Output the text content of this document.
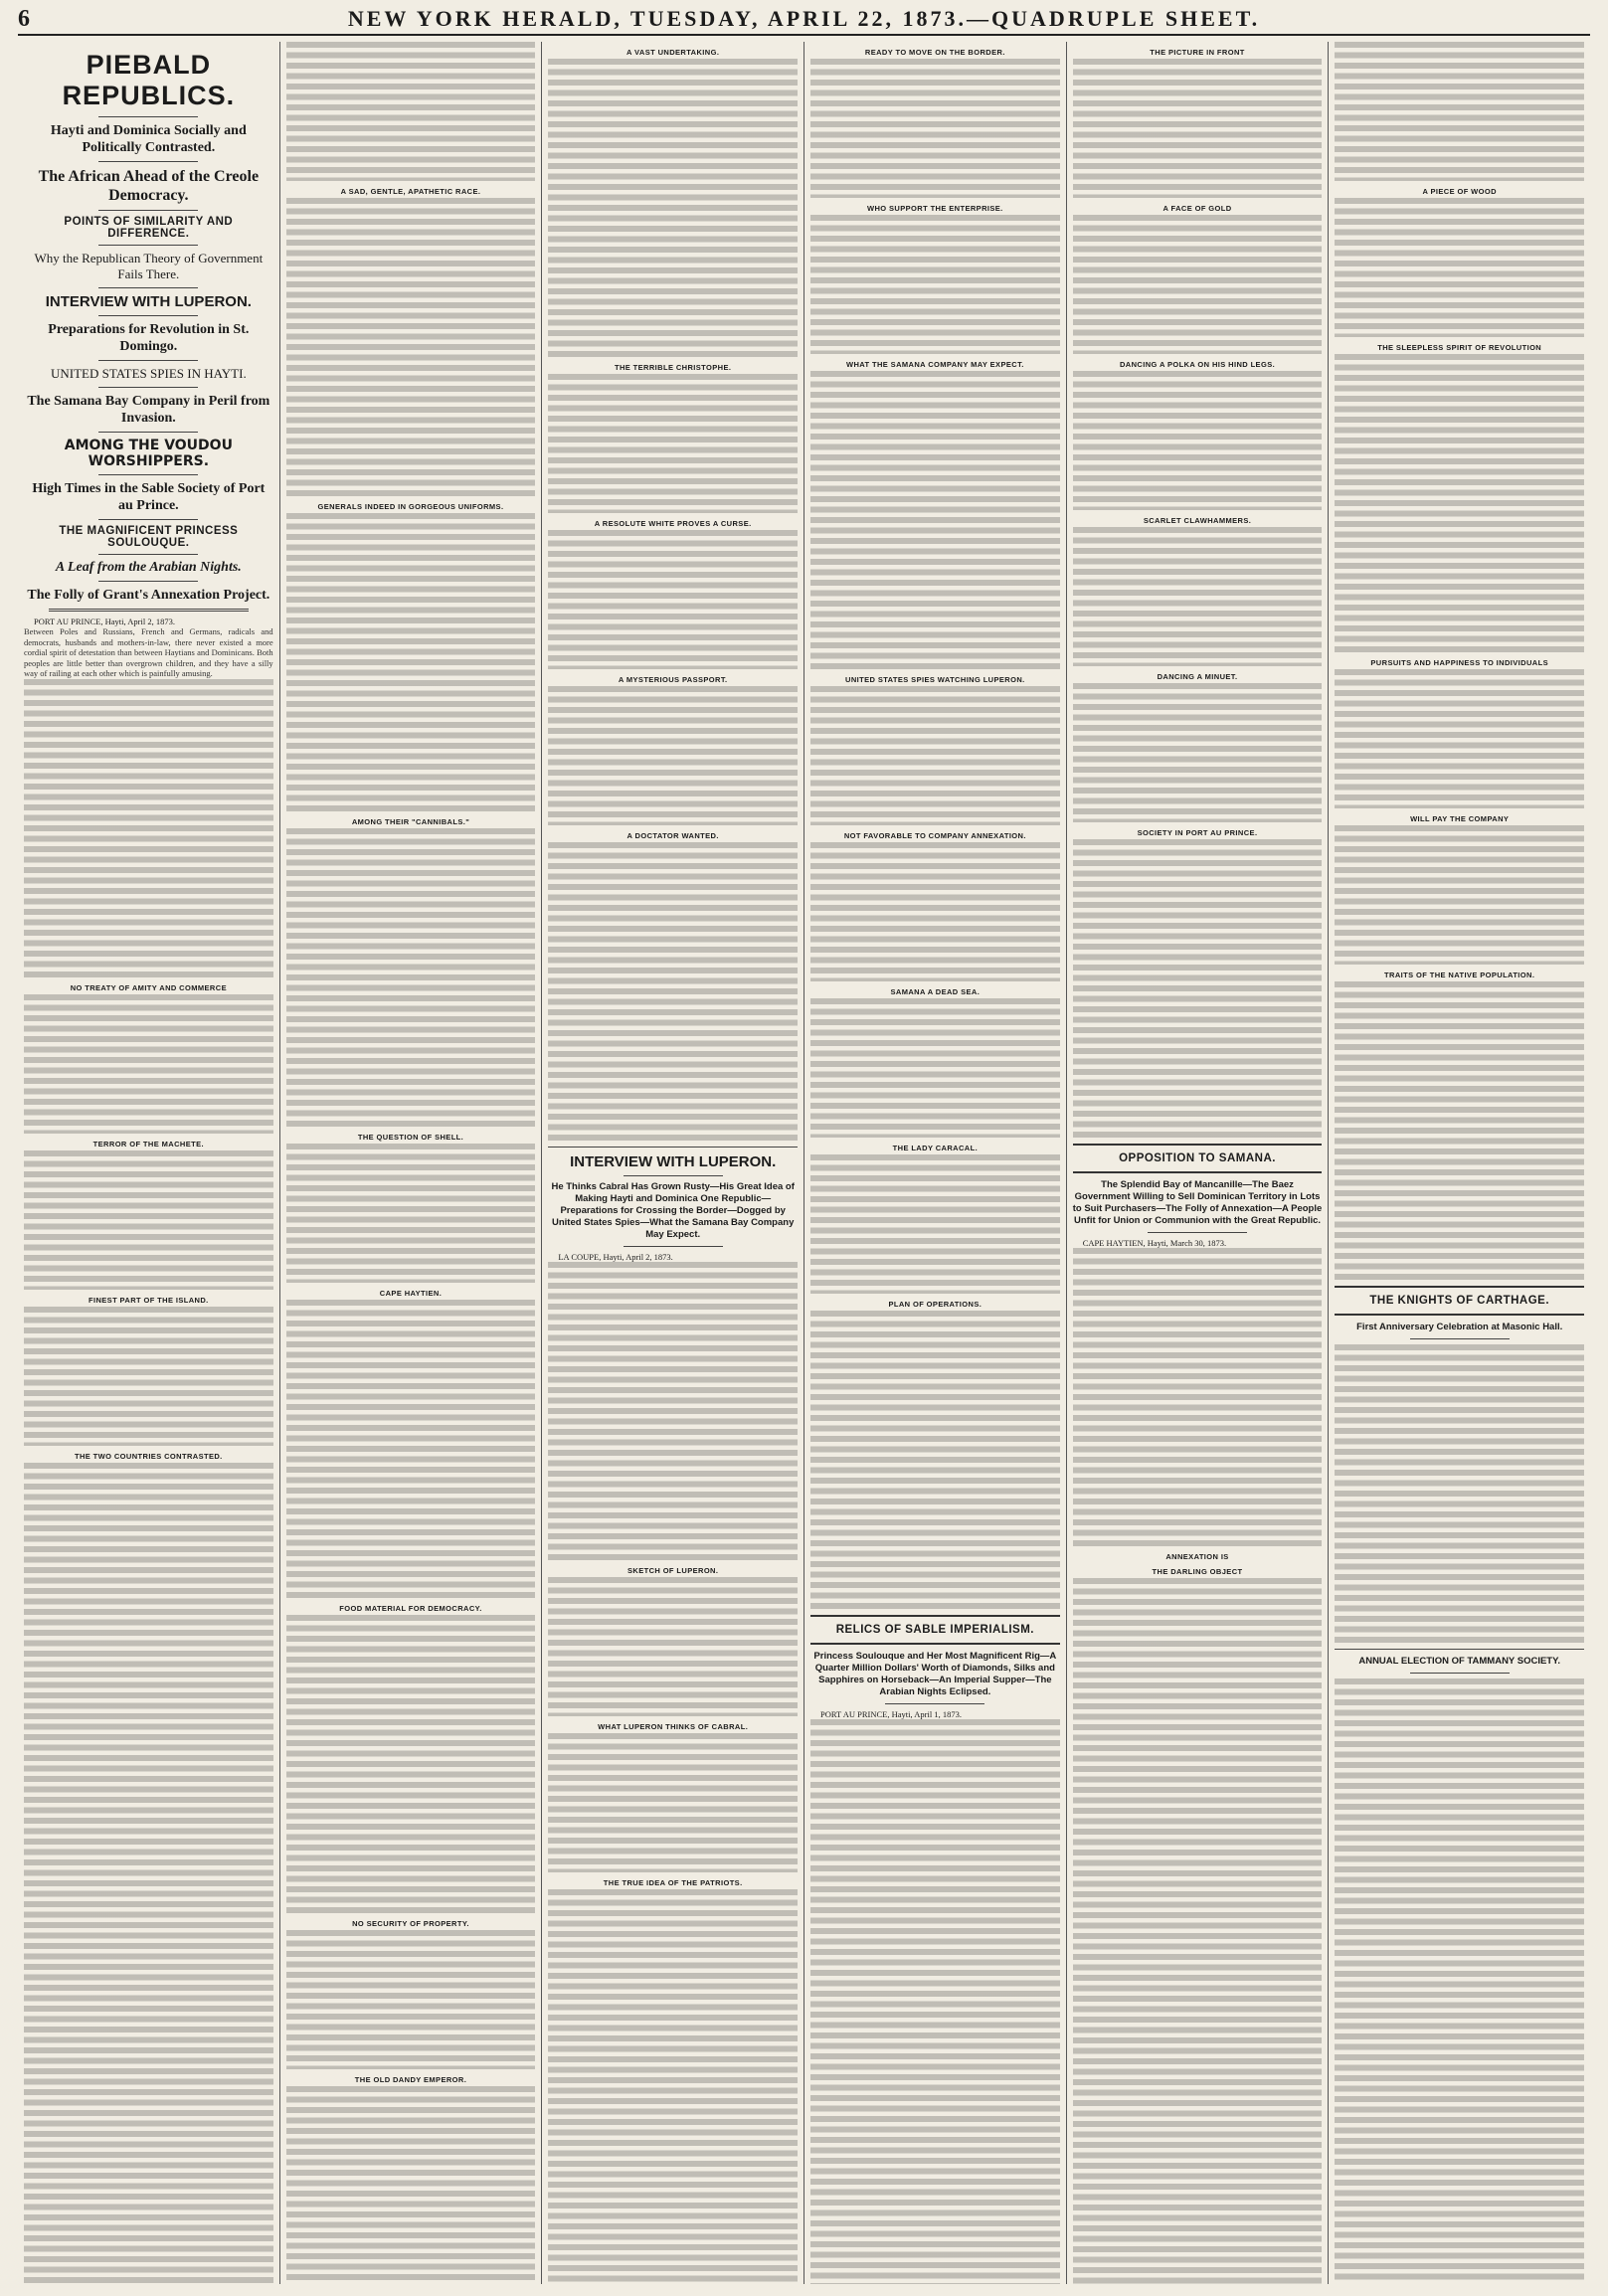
6	NEW YORK HERALD, TUESDAY, APRIL 22, 1873.—QUADRUPLE SHEET.
PIEBALD REPUBLICS.
Hayti and Dominica Socially and Politically Contrasted.
The African Ahead of the Creole Democracy.
POINTS OF SIMILARITY AND DIFFERENCE.
Why the Republican Theory of Government Fails There.
INTERVIEW WITH LUPERON.
Preparations for Revolution in St. Domingo.
UNITED STATES SPIES IN HAYTI.
The Samana Bay Company in Peril from Invasion.
AMONG THE VOUDOU WORSHIPPERS.
High Times in the Sable Society of Port au Prince.
THE MAGNIFICENT PRINCESS SOULOUQUE.
A Leaf from the Arabian Nights.
The Folly of Grant's Annexation Project.
PORT AU PRINCE, Hayti, April 2, 1873.
Between Poles and Russians, French and Germans, radicals and democrats, husbands and mothers-in-law, there never existed a more cordial spirit of detestation than between Haytians and Dominicans. Both peoples are little better than overgrown children, and they have a silly way of railing at each other which is painfully amusing.
NO TREATY OF AMITY AND COMMERCE
TERROR OF THE MACHETE.
FINEST PART OF THE ISLAND.
THE TWO COUNTRIES CONTRASTED.
A SAD, GENTLE, APATHETIC RACE.
GENERALS INDEED IN GORGEOUS UNIFORMS.
AMONG THEIR "CANNIBALS."
THE QUESTION OF SHELL.
CAPE HAYTIEN.
FOOD MATERIAL FOR DEMOCRACY.
NO SECURITY OF PROPERTY.
THE OLD DANDY EMPEROR.
A VAST UNDERTAKING.
THE TERRIBLE CHRISTOPHE.
A RESOLUTE WHITE PROVES A CURSE.
A MYSTERIOUS PASSPORT.
A DOCTATOR WANTED.
INTERVIEW WITH LUPERON.
He Thinks Cabral Has Grown Rusty—His Great Idea of Making Hayti and Dominica One Republic—Preparations for Crossing the Border—Dogged by United States Spies—What the Samana Bay Company May Expect.
LA COUPE, Hayti, April 2, 1873.
SKETCH OF LUPERON.
WHAT LUPERON THINKS OF CABRAL.
THE TRUE IDEA OF THE PATRIOTS.
READY TO MOVE ON THE BORDER.
WHO SUPPORT THE ENTERPRISE.
WHAT THE SAMANA COMPANY MAY EXPECT.
UNITED STATES SPIES WATCHING LUPERON.
NOT FAVORABLE TO COMPANY ANNEXATION.
SAMANA A DEAD SEA.
THE LADY CARACAL.
PLAN OF OPERATIONS.
RELICS OF SABLE IMPERIALISM.
Princess Soulouque and Her Most Magnificent Rig—A Quarter Million Dollars' Worth of Diamonds, Silks and Sapphires on Horseback—An Imperial Supper—The Arabian Nights Eclipsed.
PORT AU PRINCE, Hayti, April 1, 1873.
THE PICTURE IN FRONT
A FACE OF GOLD
DANCING A POLKA ON HIS HIND LEGS.
SCARLET CLAWHAMMERS.
DANCING A MINUET.
SOCIETY IN PORT AU PRINCE.
OPPOSITION TO SAMANA.
The Splendid Bay of Mancanille—The Baez Government Willing to Sell Dominican Territory in Lots to Suit Purchasers—The Folly of Annexation—A People Unfit for Union or Communion with the Great Republic.
CAPE HAYTIEN, Hayti, March 30, 1873.
ANNEXATION IS
THE DARLING OBJECT
A PIECE OF WOOD
THE SLEEPLESS SPIRIT OF REVOLUTION
PURSUITS AND HAPPINESS TO INDIVIDUALS
WILL PAY THE COMPANY
TRAITS OF THE NATIVE POPULATION.
THE KNIGHTS OF CARTHAGE.
First Anniversary Celebration at Masonic Hall.
ANNUAL ELECTION OF TAMMANY SOCIETY.
